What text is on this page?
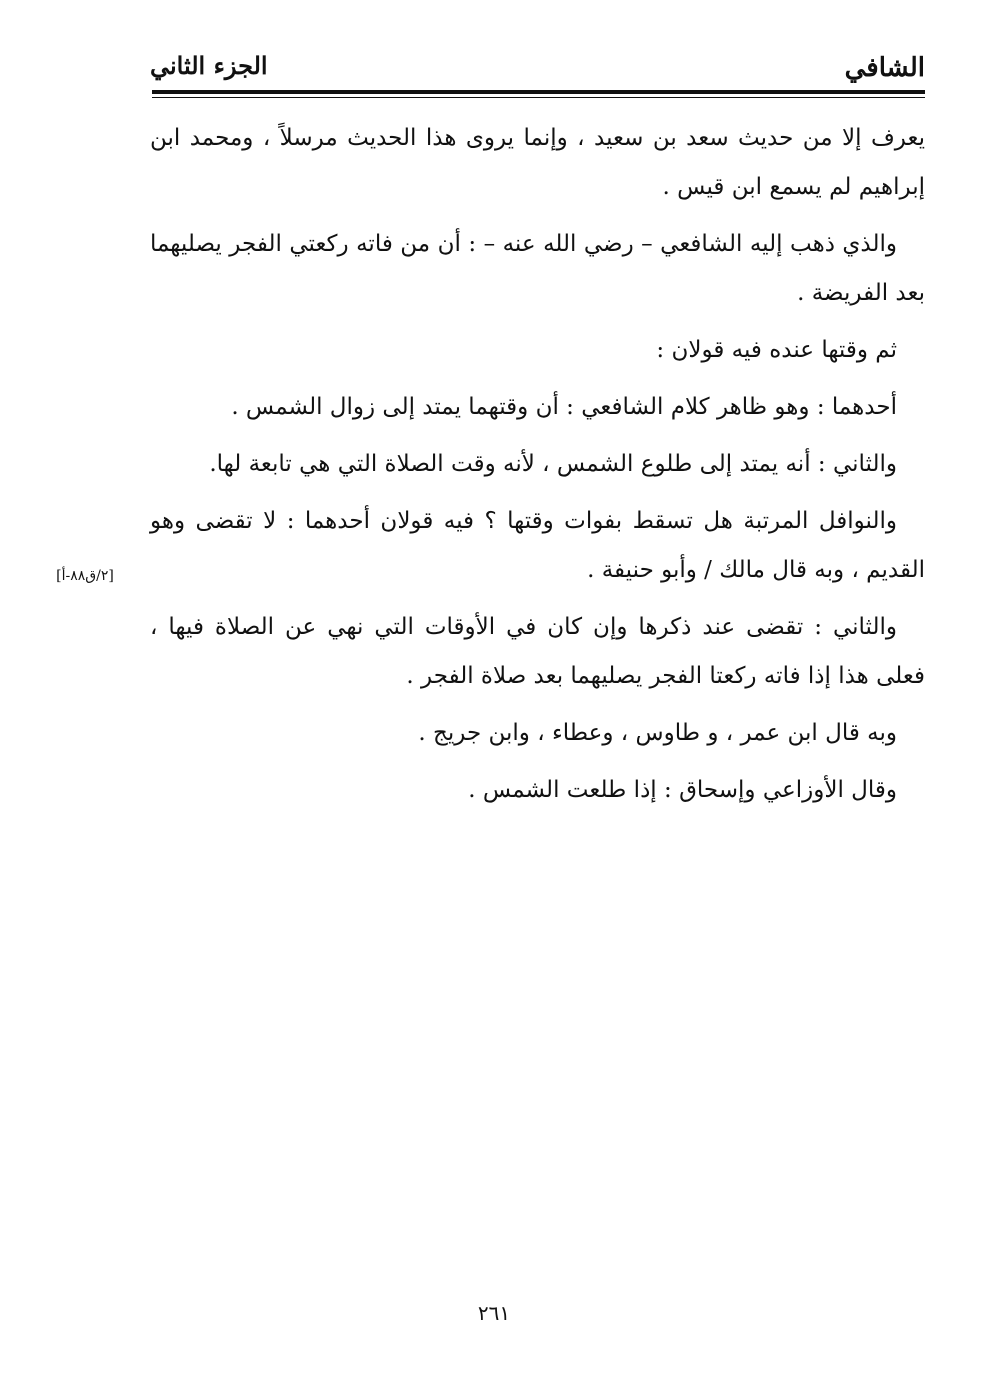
الشافي
الجزء الثاني

يعرف إلا من حديث سعد بن سعيد ، وإنما يروى هذا الحديث مرسلاً ، ومحمد ابن إبراهيم لم يسمع ابن قيس .

والذي ذهب إليه الشافعي – رضي الله عنه – : أن من فاته ركعتي الفجر يصليهما بعد الفريضة .

ثم وقتها عنده فيه قولان :

أحدهما : وهو ظاهر كلام الشافعي : أن وقتهما يمتد إلى زوال الشمس .

والثاني : أنه يمتد إلى طلوع الشمس ، لأنه وقت الصلاة التي هي تابعة لها.

والنوافل المرتبة هل تسقط بفوات وقتها ؟ فيه قولان أحدهما : لا تقضى وهو القديم ، وبه قال مالك / وأبو حنيفة .

والثاني : تقضى عند ذكرها وإن كان في الأوقات التي نهي عن الصلاة فيها ، فعلى هذا إذا فاته ركعتا الفجر يصليهما بعد صلاة الفجر .

وبه قال ابن عمر ، و طاوس ، وعطاء ، وابن جريج .

وقال الأوزاعي وإسحاق : إذا طلعت الشمس .

[٢/ق٨٨-أ]
٢٦١
